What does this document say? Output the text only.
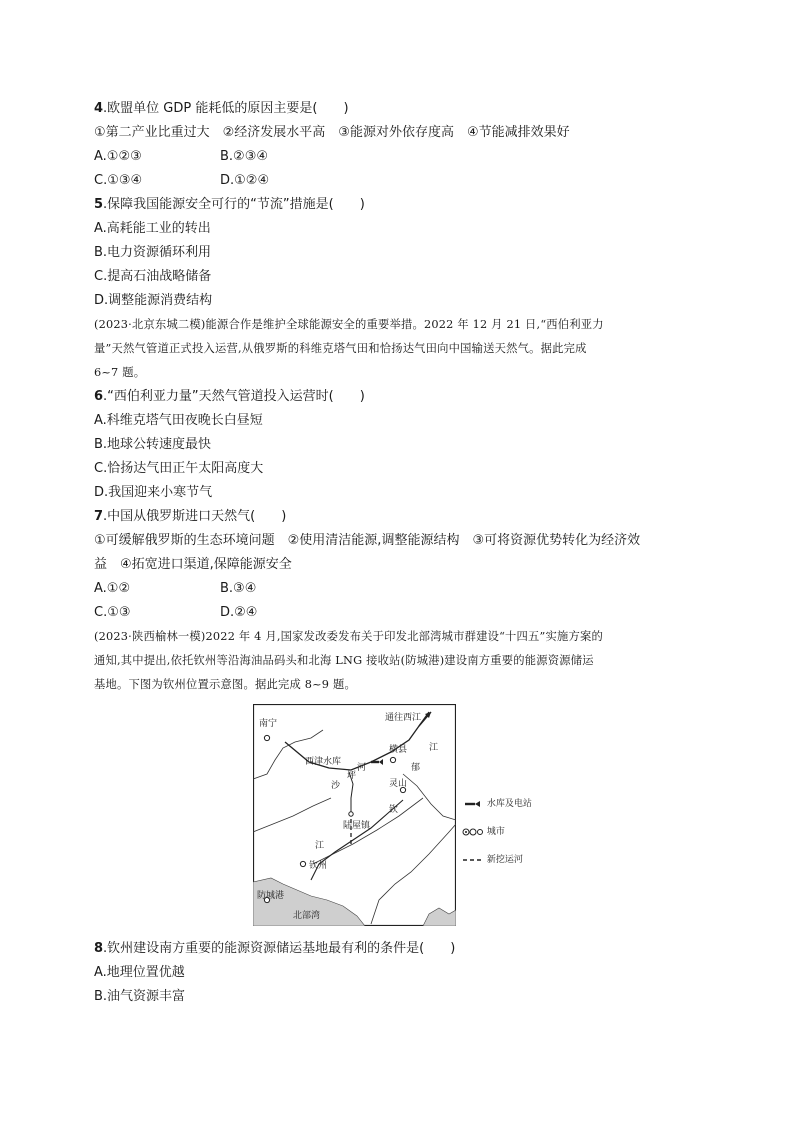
4.欧盟单位 GDP 能耗低的原因主要是(　　)
①第二产业比重过大　②经济发展水平高　③能源对外依存度高　④节能减排效果好
A.①②③	B.②③④
C.①③④	D.①②④
5.保障我国能源安全可行的“节流”措施是(　　)
A.高耗能工业的转出
B.电力资源循环利用
C.提高石油战略储备
D.调整能源消费结构
(2023·北京东城二模)能源合作是维护全球能源安全的重要举措。2022 年 12 月 21 日,“西伯利亚力
量”天然气管道正式投入运营,从俄罗斯的科维克塔气田和恰扬达气田向中国输送天然气。据此完成
6~7 题。
6.“西伯利亚力量”天然气管道投入运营时(　　)
A.科维克塔气田夜晚长白昼短
B.地球公转速度最快
C.恰扬达气田正午太阳高度大
D.我国迎来小寒节气
7.中国从俄罗斯进口天然气(　　)
①可缓解俄罗斯的生态环境问题　②使用清洁能源,调整能源结构　③可将资源优势转化为经济效
益　④拓宽进口渠道,保障能源安全
A.①②	B.③④
C.①③	D.②④
(2023·陕西榆林一模)2022 年 4 月,国家发改委发布关于印发北部湾城市群建设“十四五”实施方案的
通知,其中提出,依托钦州等沿海油品码头和北海 LNG 接收站(防城港)建设南方重要的能源资源储运
基地。下图为钦州位置示意图。据此完成 8~9 题。
南宁
通往西江
西津水库
横县 江
郁
沙
坪
河
灵山
钦
陆屋镇
江
钦州
防城港
北部湾
水库及电站
城市
新挖运河
8.钦州建设南方重要的能源资源储运基地最有利的条件是(　　)
A.地理位置优越
B.油气资源丰富
